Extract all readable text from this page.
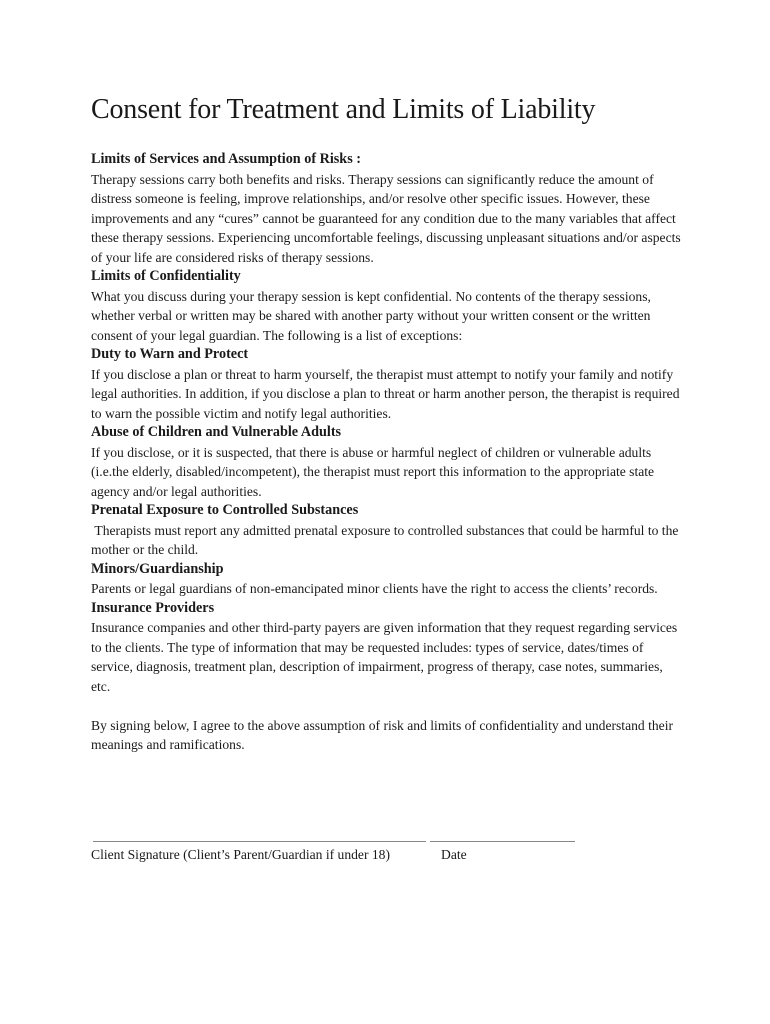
Consent for Treatment and Limits of Liability

Limits of Services and Assumption of Risks :

Therapy sessions carry both benefits and risks. Therapy sessions can significantly reduce the amount of distress someone is feeling, improve relationships, and/or resolve other specific issues. However, these improvements and any “cures” cannot be guaranteed for any condition due to the many variables that affect these therapy sessions. Experiencing uncomfortable feelings, discussing unpleasant situations and/or aspects of your life are considered risks of therapy sessions.

Limits of Confidentiality

What you discuss during your therapy session is kept confidential. No contents of the therapy sessions, whether verbal or written may be shared with another party without your written consent or the written consent of your legal guardian. The following is a list of exceptions:

Duty to Warn and Protect

If you disclose a plan or threat to harm yourself, the therapist must attempt to notify your family and notify legal authorities. In addition, if you disclose a plan to threat or harm another person, the therapist is required to warn the possible victim and notify legal authorities.

Abuse of Children and Vulnerable Adults

If you disclose, or it is suspected, that there is abuse or harmful neglect of children or vulnerable adults (i.e.the elderly, disabled/incompetent), the therapist must report this information to the appropriate state agency and/or legal authorities.

Prenatal Exposure to Controlled Substances

Therapists must report any admitted prenatal exposure to controlled substances that could be harmful to the mother or the child.

Minors/Guardianship

Parents or legal guardians of non-emancipated minor clients have the right to access the clients’ records.

Insurance Providers

Insurance companies and other third-party payers are given information that they request regarding services to the clients. The type of information that may be requested includes: types of service, dates/times of service, diagnosis, treatment plan, description of impairment, progress of therapy, case notes, summaries, etc.

By signing below, I agree to the above assumption of risk and limits of confidentiality and understand their meanings and ramifications.

Client Signature (Client’s Parent/Guardian if under 18)	Date
